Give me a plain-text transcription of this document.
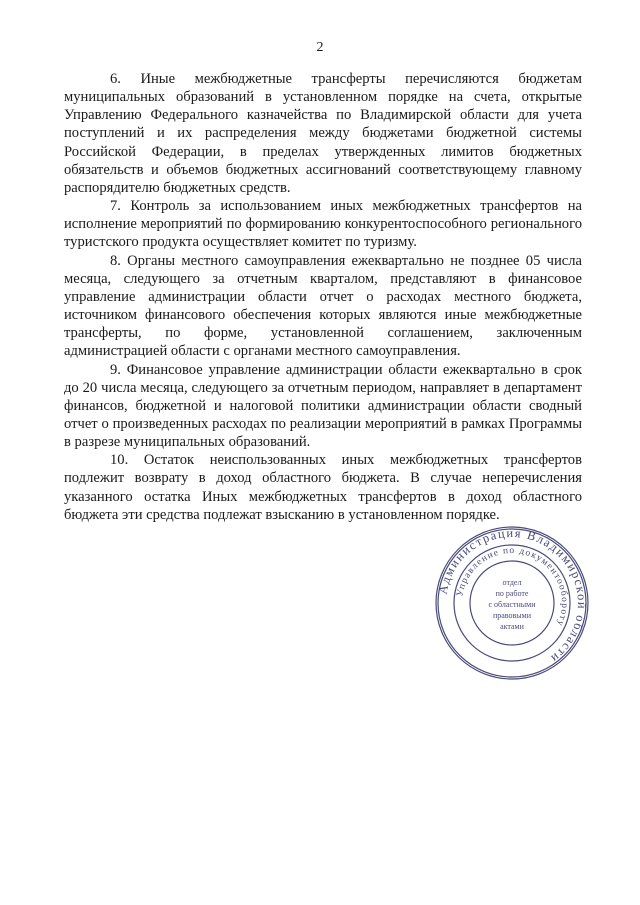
2

6. Иные межбюджетные трансферты перечисляются бюджетам муниципальных образований в установленном порядке на счета, открытые Управлению Федерального казначейства по Владимирской области для учета поступлений и их распределения между бюджетами бюджетной системы Российской Федерации, в пределах утвержденных лимитов бюджетных обязательств и объемов бюджетных ассигнований соответствующему главному распорядителю бюджетных средств.

7. Контроль за использованием иных межбюджетных трансфертов на исполнение мероприятий по формированию конкурентоспособного регионального туристского продукта осуществляет комитет по туризму.

8. Органы местного самоуправления ежеквартально не позднее 05 числа месяца, следующего за отчетным кварталом, представляют в финансовое управление администрации области отчет о расходах местного бюджета, источником финансового обеспечения которых являются иные межбюджетные трансферты, по форме, установленной соглашением, заключенным администрацией области с органами местного самоуправления.

9. Финансовое управление администрации области ежеквартально в срок до 20 числа месяца, следующего за отчетным периодом, направляет в департамент финансов, бюджетной и налоговой политики администрации области сводный отчет о произведенных расходах по реализации мероприятий в рамках Программы в разрезе муниципальных образований.

10. Остаток неиспользованных иных межбюджетных трансфертов подлежит возврату в доход областного бюджета. В случае неперечисления указанного остатка Иных межбюджетных трансфертов в доход областного бюджета эти средства подлежат взысканию в установленном порядке.

Администрация Владимирской области
Управление по документообороту
отдел
по работе
с областными
правовыми
актами
